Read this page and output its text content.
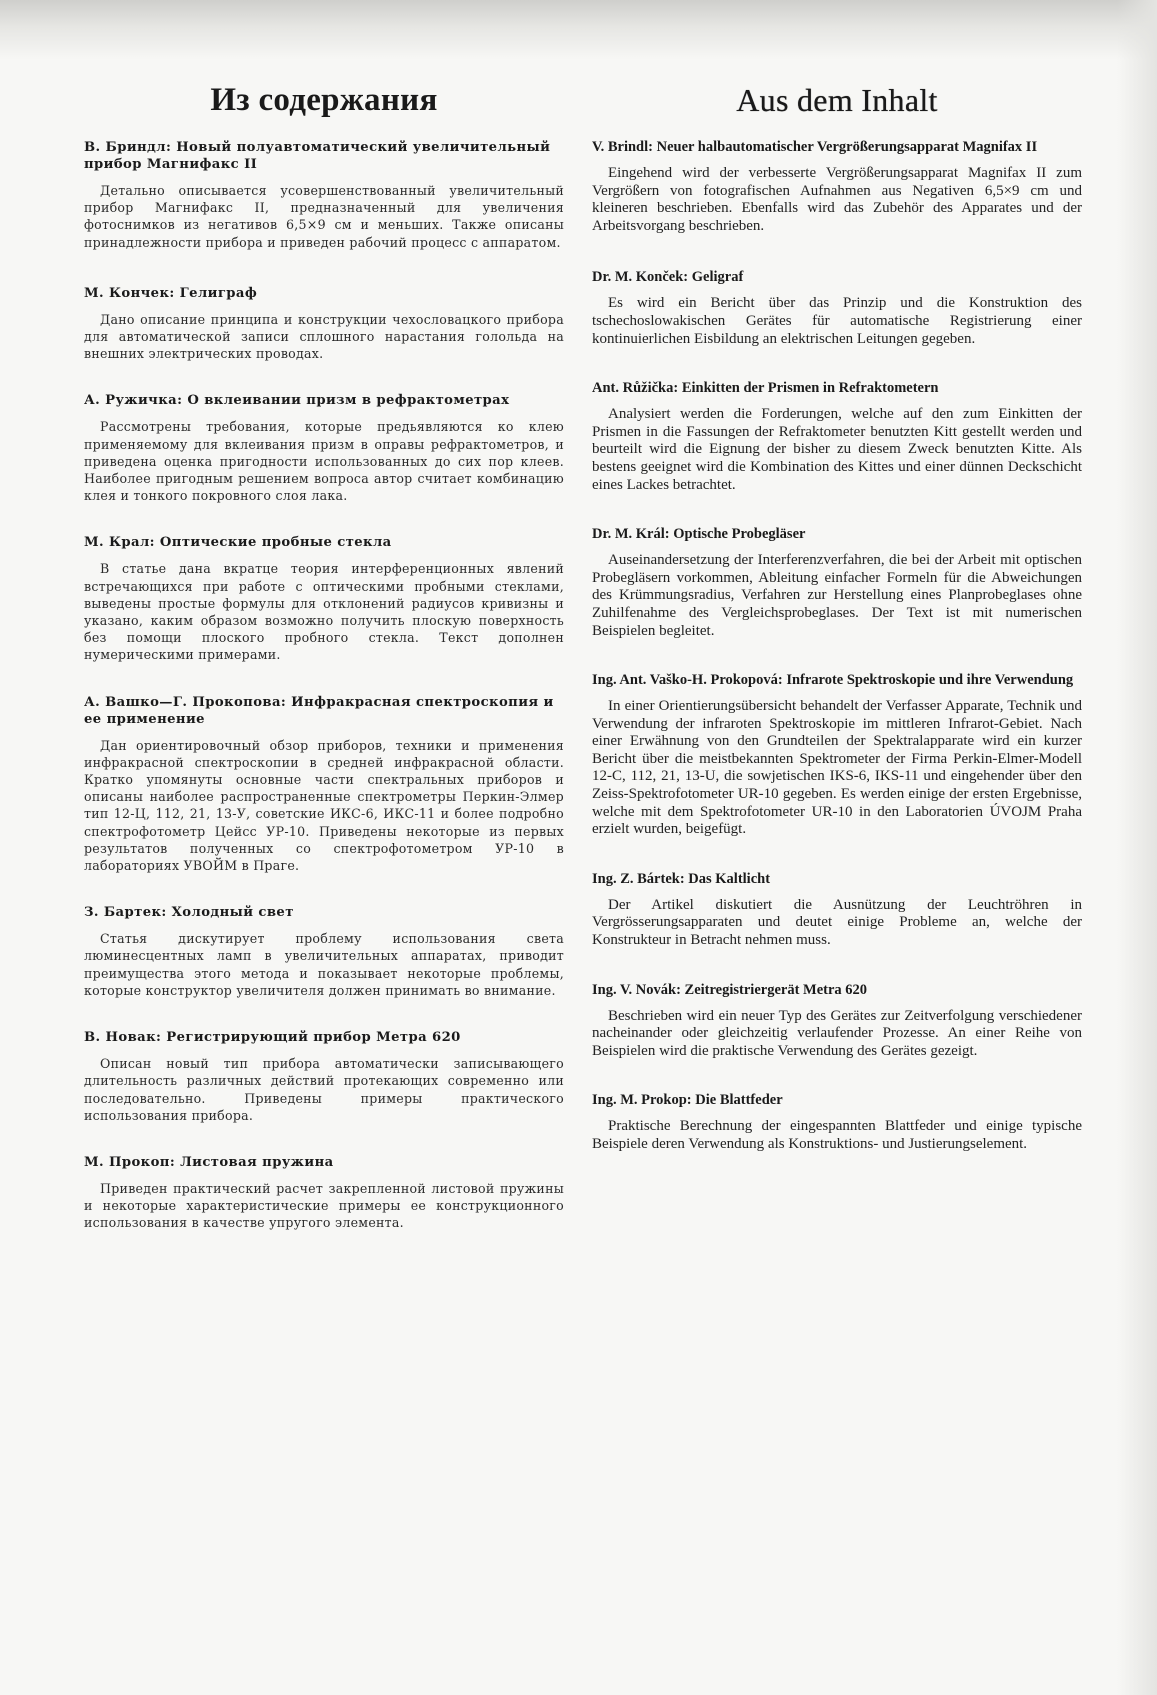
Из содержания
В. Бриндл: Новый полуавтоматический увеличительный прибор Магнифакс II

Детально описывается усовершенствованный увеличительный прибор Магнифакс II, предназначенный для увеличения фотоснимков из негативов 6,5×9 см и меньших. Также описаны принадлежности прибора и приведен рабочий процесс с аппаратом.

М. Кончек: Гелиграф

Дано описание принципа и конструкции чехословацкого прибора для автоматической записи сплошного нарастания голольда на внешних электрических проводах.

А. Ружичка: О вклеивании призм в рефрактометрах

Рассмотрены требования, которые предьявляются ко клею применяемому для вклеивания призм в оправы рефрактометров, и приведена оценка пригодности использованных до сих пор клеев. Наиболее пригодным решением вопроса автор считает комбинацию клея и тонкого покровного слоя лака.

М. Крал: Оптические пробные стекла

В статье дана вкратце теория интерференционных явлений встречающихся при работе с оптическими пробными стеклами, выведены простые формулы для отклонений радиусов кривизны и указано, каким образом возможно получить плоскую поверхность без помощи плоского пробного стекла. Текст дополнен нумерическими примерами.

А. Вашко—Г. Прокопова: Инфракрасная спектроскопия и ее применение

Дан ориентировочный обзор приборов, техники и применения инфракрасной спектроскопии в средней инфракрасной области. Кратко упомянуты основные части спектральных приборов и описаны наиболее распространенные спектрометры Перкин-Элмер тип 12-Ц, 112, 21, 13-У, советские ИКС-6, ИКС-11 и более подробно спектрофотометр Цейсс УР-10. Приведены некоторые из первых результатов полученных со спектрофотометром УР-10 в лабораториях УВОЙМ в Праге.

З. Бартек: Холодный свет

Статья дискутирует проблему использования света люминесцентных ламп в увеличительных аппаратах, приводит преимущества этого метода и показывает некоторые проблемы, которые конструктор увеличителя должен принимать во внимание.

В. Новак: Регистрирующий прибор Метра 620

Описан новый тип прибора автоматически записывающего длительность различных действий протекающих современно или последовательно. Приведены примеры практического использования прибора.

М. Прокоп: Листовая пружина

Приведен практический расчет закрепленной листовой пружины и некоторые характеристические примеры ее конструкционного использования в качестве упругого элемента.

Aus dem Inhalt
V. Brindl: Neuer halbautomatischer Vergrößerungsapparat Magnifax II

Eingehend wird der verbesserte Vergrößerungsapparat Magnifax II zum Vergrößern von fotografischen Aufnahmen aus Negativen 6,5×9 cm und kleineren beschrieben. Ebenfalls wird das Zubehör des Apparates und der Arbeitsvorgang beschrieben.

Dr. M. Konček: Geligraf

Es wird ein Bericht über das Prinzip und die Konstruktion des tschechoslowakischen Gerätes für automatische Registrierung einer kontinuierlichen Eisbildung an elektrischen Leitungen gegeben.

Ant. Růžička: Einkitten der Prismen in Refraktometern

Analysiert werden die Forderungen, welche auf den zum Einkitten der Prismen in die Fassungen der Refraktometer benutzten Kitt gestellt werden und beurteilt wird die Eignung der bisher zu diesem Zweck benutzten Kitte. Als bestens geeignet wird die Kombination des Kittes und einer dünnen Deckschicht eines Lackes betrachtet.

Dr. M. Král: Optische Probegläser

Auseinandersetzung der Interferenzverfahren, die bei der Arbeit mit optischen Probegläsern vorkommen, Ableitung einfacher Formeln für die Abweichungen des Krümmungsradius, Verfahren zur Herstellung eines Planprobeglases ohne Zuhilfenahme des Vergleichsprobeglases. Der Text ist mit numerischen Beispielen begleitet.

Ing. Ant. Vaško-H. Prokopová: Infrarote Spektroskopie und ihre Verwendung

In einer Orientierungsübersicht behandelt der Verfasser Apparate, Technik und Verwendung der infraroten Spektroskopie im mittleren Infrarot-Gebiet. Nach einer Erwähnung von den Grundteilen der Spektralapparate wird ein kurzer Bericht über die meistbekannten Spektrometer der Firma Perkin-Elmer-Modell 12-C, 112, 21, 13-U, die sowjetischen IKS-6, IKS-11 und eingehender über den Zeiss-Spektrofotometer UR-10 gegeben. Es werden einige der ersten Ergebnisse, welche mit dem Spektrofotometer UR-10 in den Laboratorien ÚVOJM Praha erzielt wurden, beigefügt.

Ing. Z. Bártek: Das Kaltlicht

Der Artikel diskutiert die Ausnützung der Leuchtröhren in Vergrösserungsapparaten und deutet einige Probleme an, welche der Konstrukteur in Betracht nehmen muss.

Ing. V. Novák: Zeitregistriergerät Metra 620

Beschrieben wird ein neuer Typ des Gerätes zur Zeitverfolgung verschiedener nacheinander oder gleichzeitig verlaufender Prozesse. An einer Reihe von Beispielen wird die praktische Verwendung des Gerätes gezeigt.

Ing. M. Prokop: Die Blattfeder

Praktische Berechnung der eingespannten Blattfeder und einige typische Beispiele deren Verwendung als Konstruktions- und Justierungselement.
